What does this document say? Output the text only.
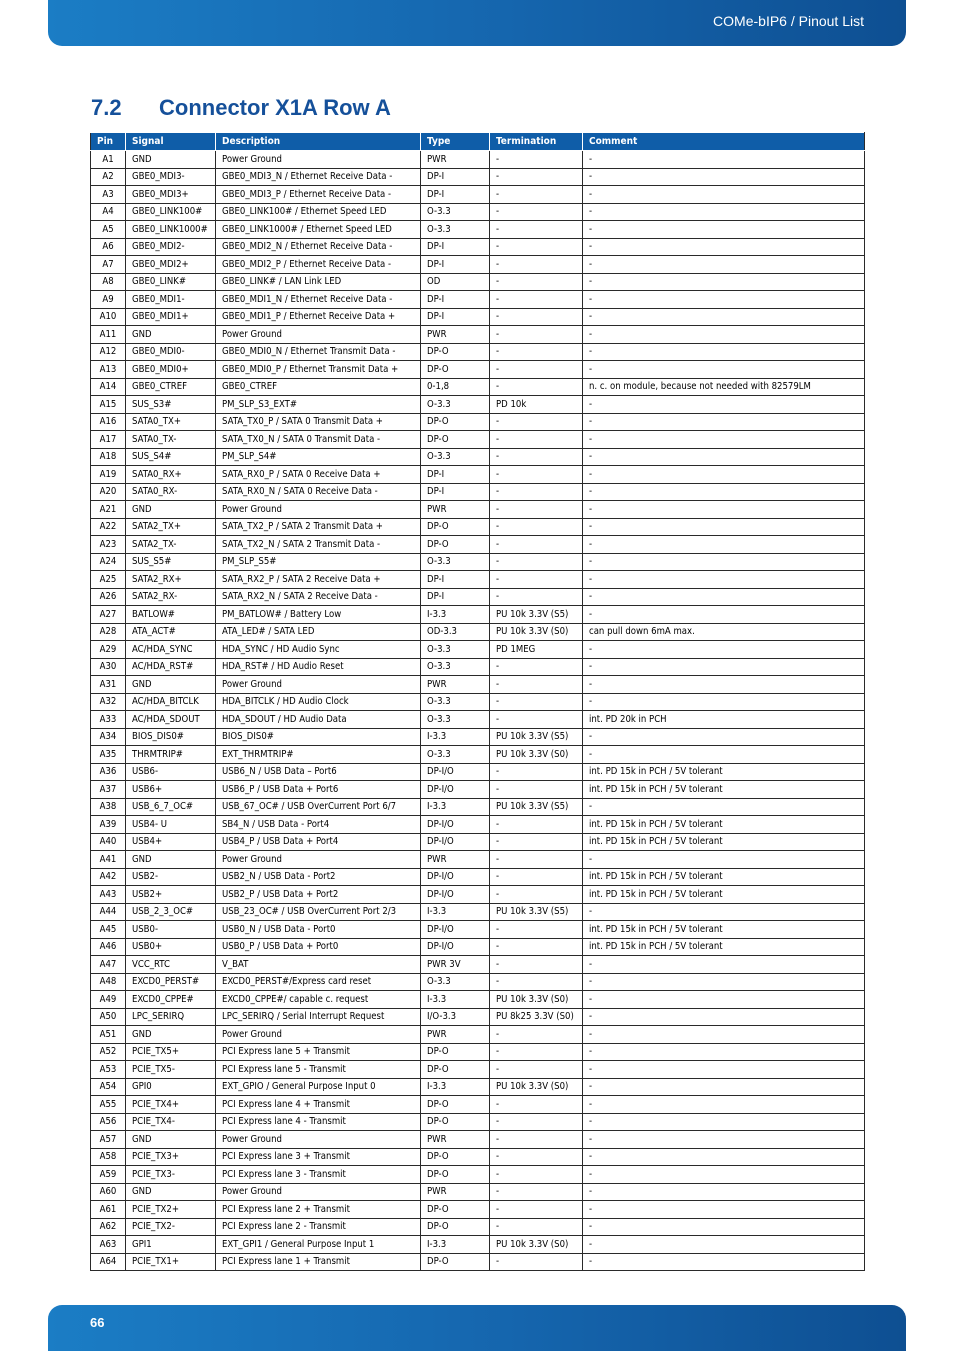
COMe-bIP6 / Pinout List
7.2 Connector X1A Row A
Pin	Signal	Description	Type	Termination	Comment
A1	GND	Power Ground	PWR	-	-
A2	GBE0_MDI3-	GBE0_MDI3_N / Ethernet Receive Data -	DP-I	-	-
A3	GBE0_MDI3+	GBE0_MDI3_P / Ethernet Receive Data -	DP-I	-	-
A4	GBE0_LINK100#	GBE0_LINK100# / Ethernet Speed LED	O-3.3	-	-
A5	GBE0_LINK1000#	GBE0_LINK1000# / Ethernet Speed LED	O-3.3	-	-
A6	GBE0_MDI2-	GBE0_MDI2_N / Ethernet Receive Data -	DP-I	-	-
A7	GBE0_MDI2+	GBE0_MDI2_P / Ethernet Receive Data -	DP-I	-	-
A8	GBE0_LINK#	GBE0_LINK# / LAN Link LED	OD	-	-
A9	GBE0_MDI1-	GBE0_MDI1_N / Ethernet Receive Data -	DP-I	-	-
A10	GBE0_MDI1+	GBE0_MDI1_P / Ethernet Receive Data +	DP-I	-	-
A11	GND	Power Ground	PWR	-	-
A12	GBE0_MDI0-	GBE0_MDI0_N / Ethernet Transmit Data -	DP-O	-	-
A13	GBE0_MDI0+	GBE0_MDI0_P / Ethernet Transmit Data +	DP-O	-	-
A14	GBE0_CTREF	GBE0_CTREF	0-1,8	-	n. c. on module, because not needed with 82579LM
A15	SUS_S3#	PM_SLP_S3_EXT#	O-3.3	PD 10k	-
A16	SATA0_TX+	SATA_TX0_P / SATA 0 Transmit Data +	DP-O	-	-
A17	SATA0_TX-	SATA_TX0_N / SATA 0 Transmit Data -	DP-O	-	-
A18	SUS_S4#	PM_SLP_S4#	O-3.3	-	-
A19	SATA0_RX+	SATA_RX0_P / SATA 0 Receive Data +	DP-I	-	-
A20	SATA0_RX-	SATA_RX0_N / SATA 0 Receive Data -	DP-I	-	-
A21	GND	Power Ground	PWR	-	-
A22	SATA2_TX+	SATA_TX2_P / SATA 2 Transmit Data +	DP-O	-	-
A23	SATA2_TX-	SATA_TX2_N / SATA 2 Transmit Data -	DP-O	-	-
A24	SUS_S5#	PM_SLP_S5#	O-3.3	-	-
A25	SATA2_RX+	SATA_RX2_P / SATA 2 Receive Data +	DP-I	-	-
A26	SATA2_RX-	SATA_RX2_N / SATA 2 Receive Data -	DP-I	-	-
A27	BATLOW#	PM_BATLOW# / Battery Low	I-3.3	PU 10k 3.3V (S5)	-
A28	ATA_ACT#	ATA_LED# / SATA LED	OD-3.3	PU 10k 3.3V (S0)	can pull down 6mA max.
A29	AC/HDA_SYNC	HDA_SYNC / HD Audio Sync	O-3.3	PD 1MEG	-
A30	AC/HDA_RST#	HDA_RST# / HD Audio Reset	O-3.3	-	-
A31	GND	Power Ground	PWR	-	-
A32	AC/HDA_BITCLK	HDA_BITCLK / HD Audio Clock	O-3.3	-	-
A33	AC/HDA_SDOUT	HDA_SDOUT / HD Audio Data	O-3.3	-	int. PD 20k in PCH
A34	BIOS_DIS0#	BIOS_DIS0#	I-3.3	PU 10k 3.3V (S5)	-
A35	THRMTRIP#	EXT_THRMTRIP#	O-3.3	PU 10k 3.3V (S0)	-
A36	USB6-	USB6_N / USB Data – Port6	DP-I/O	-	int. PD 15k in PCH / 5V tolerant
A37	USB6+	USB6_P / USB Data + Port6	DP-I/O	-	int. PD 15k in PCH / 5V tolerant
A38	USB_6_7_OC#	USB_67_OC# / USB OverCurrent Port 6/7	I-3.3	PU 10k 3.3V (S5)	-
A39	USB4- U	SB4_N / USB Data - Port4	DP-I/O	-	int. PD 15k in PCH / 5V tolerant
A40	USB4+	USB4_P / USB Data + Port4	DP-I/O	-	int. PD 15k in PCH / 5V tolerant
A41	GND	Power Ground	PWR	-	-
A42	USB2-	USB2_N / USB Data - Port2	DP-I/O	-	int. PD 15k in PCH / 5V tolerant
A43	USB2+	USB2_P / USB Data + Port2	DP-I/O	-	int. PD 15k in PCH / 5V tolerant
A44	USB_2_3_OC#	USB_23_OC# / USB OverCurrent Port 2/3	I-3.3	PU 10k 3.3V (S5)	-
A45	USB0-	USB0_N / USB Data - Port0	DP-I/O	-	int. PD 15k in PCH / 5V tolerant
A46	USB0+	USB0_P / USB Data + Port0	DP-I/O	-	int. PD 15k in PCH / 5V tolerant
A47	VCC_RTC	V_BAT	PWR 3V	-	-
A48	EXCD0_PERST#	EXCD0_PERST#/Express card reset	O-3.3	-	-
A49	EXCD0_CPPE#	EXCD0_CPPE#/ capable c. request	I-3.3	PU 10k 3.3V (S0)	-
A50	LPC_SERIRQ	LPC_SERIRQ / Serial Interrupt Request	I/O-3.3	PU 8k25 3.3V (S0)	-
A51	GND	Power Ground	PWR	-	-
A52	PCIE_TX5+	PCI Express lane 5 + Transmit	DP-O	-	-
A53	PCIE_TX5-	PCI Express lane 5 - Transmit	DP-O	-	-
A54	GPI0	EXT_GPIO / General Purpose Input 0	I-3.3	PU 10k 3.3V (S0)	-
A55	PCIE_TX4+	PCI Express lane 4 + Transmit	DP-O	-	-
A56	PCIE_TX4-	PCI Express lane 4 - Transmit	DP-O	-	-
A57	GND	Power Ground	PWR	-	-
A58	PCIE_TX3+	PCI Express lane 3 + Transmit	DP-O	-	-
A59	PCIE_TX3-	PCI Express lane 3 - Transmit	DP-O	-	-
A60	GND	Power Ground	PWR	-	-
A61	PCIE_TX2+	PCI Express lane 2 + Transmit	DP-O	-	-
A62	PCIE_TX2-	PCI Express lane 2 - Transmit	DP-O	-	-
A63	GPI1	EXT_GPI1 / General Purpose Input 1	I-3.3	PU 10k 3.3V (S0)	-
A64	PCIE_TX1+	PCI Express lane 1 + Transmit	DP-O	-	-
66
